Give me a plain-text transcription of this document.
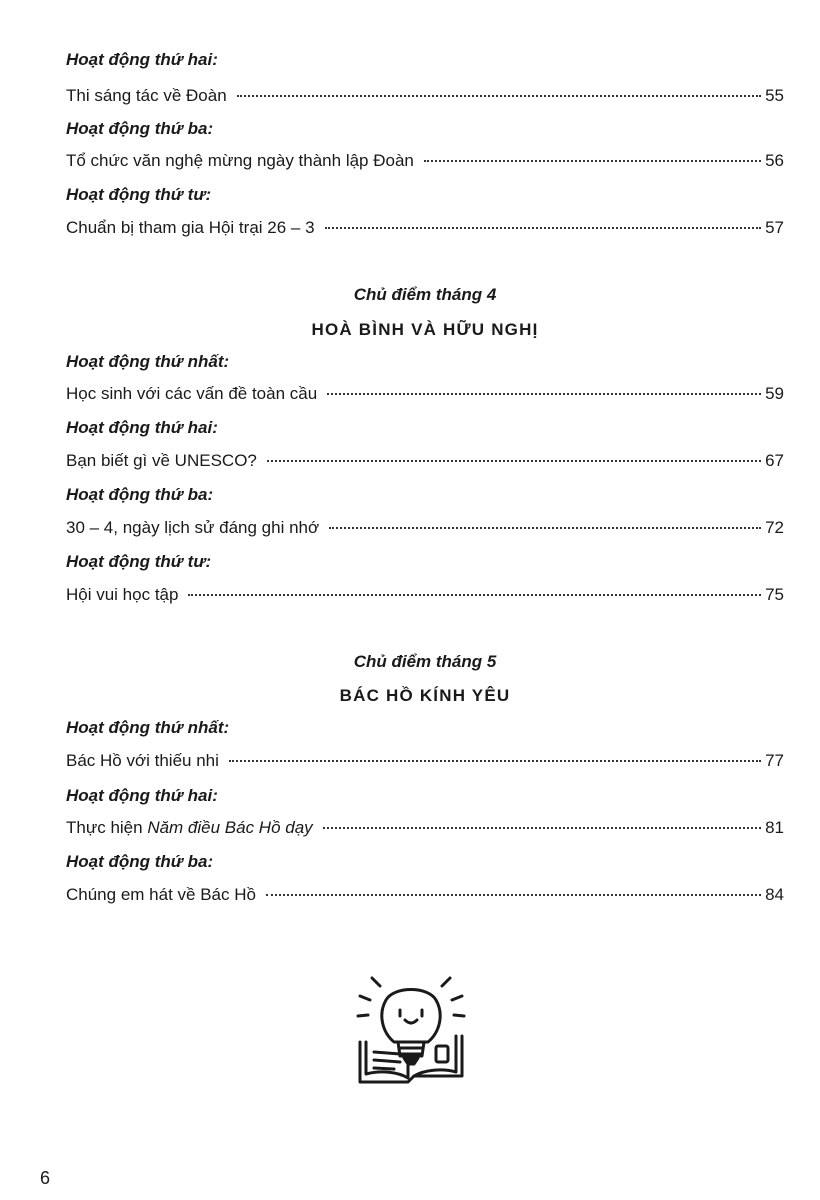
Hoạt động thứ hai:
Thi sáng tác về Đoàn	55
Hoạt động thứ ba:
Tổ chức văn nghệ mừng ngày thành lập Đoàn	56
Hoạt động thứ tư:
Chuẩn bị tham gia Hội trại 26 – 3	57
Chủ điểm tháng 4
HOÀ BÌNH VÀ HỮU NGHỊ
Hoạt động thứ nhất:
Học sinh với các vấn đề toàn cầu	59
Hoạt động thứ hai:
Bạn biết gì về UNESCO?	67
Hoạt động thứ ba:
30 – 4, ngày lịch sử đáng ghi nhớ	72
Hoạt động thứ tư:
Hội vui học tập	75
Chủ điểm tháng 5
BÁC HỒ KÍNH YÊU
Hoạt động thứ nhất:
Bác Hồ với thiếu nhi	77
Hoạt động thứ hai:
Thực hiện Năm điều Bác Hồ dạy	81
Hoạt động thứ ba:
Chúng em hát về Bác Hồ	84
6
